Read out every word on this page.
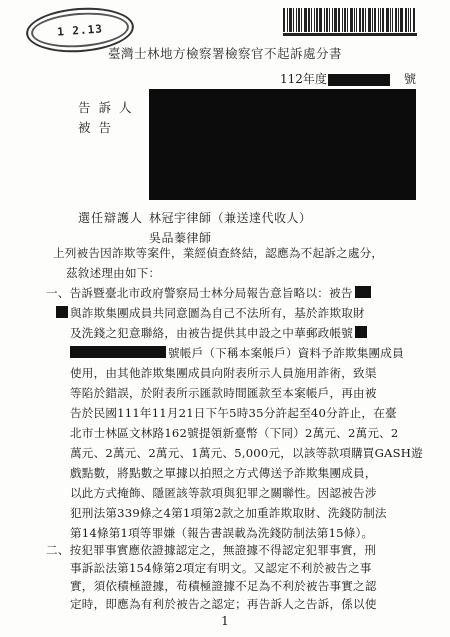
1 2.13
臺灣士林地方檢察署檢察官不起訴處分書
112年度	號
告訴人
被告
選任辯護人 林冠宇律師（兼送達代收人）
吳品蓁律師
上列被告因詐欺等案件，業經偵查終結，認應為不起訴之處分，
茲敘述理由如下：
一、告訴暨臺北市政府警察局士林分局報告意旨略以：被告
與詐欺集團成員共同意圖為自己不法所有，基於詐欺取財
及洗錢之犯意聯絡，由被告提供其申設之中華郵政帳號
號帳戶（下稱本案帳戶）資料予詐欺集團成員
使用，由其他詐欺集團成員向附表所示人員施用詐術，致渠
等陷於錯誤，於附表所示匯款時間匯款至本案帳戶，再由被
告於民國111年11月21日下午5時35分許起至40分許止，在臺
北市士林區文林路162號提領新臺幣（下同）2萬元、2萬元、2
萬元、2萬元、2萬元、1萬元、5,000元，以該等款項購買GASH遊
戲點數，將點數之單據以拍照之方式傳送予詐欺集團成員，
以此方式掩飾、隱匿該等款項與犯罪之關聯性。因認被告涉
犯刑法第339條之4第1項第2款之加重詐欺取財、洗錢防制法
第14條第1項等罪嫌（報告書誤載為洗錢防制法第15條）。
二、按犯罪事實應依證據認定之，無證據不得認定犯罪事實，刑
事訴訟法第154條第2項定有明文。又認定不利於被告之事
實，須依積極證據，苟積極證據不足為不利於被告事實之認
定時，即應為有利於被告之認定；再告訴人之告訴，係以使
1
